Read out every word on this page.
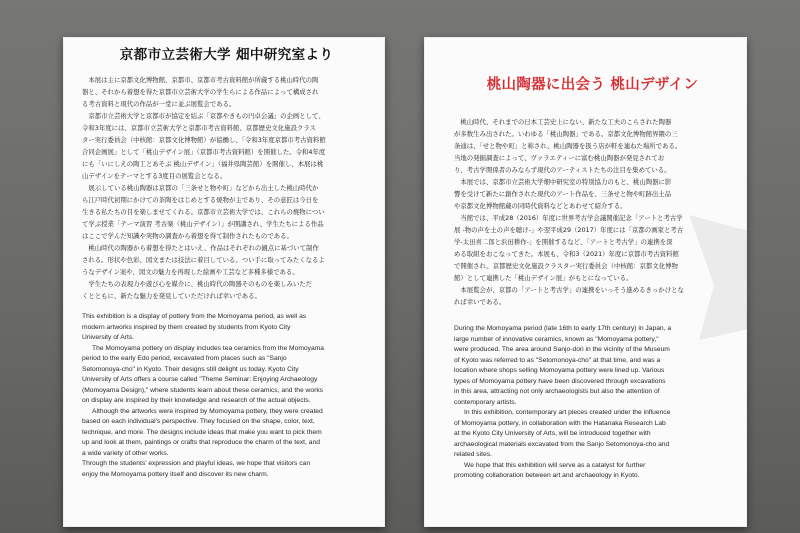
京都市立芸術大学 畑中研究室より

本展は主に京都文化博物館、京都市、京都市考古資料館が所蔵する桃山時代の陶
器と、それから着想を得た京都市立芸術大学の学生らによる作品によって構成され
る考古資料と現代の作品が一堂に並ぶ展覧会である。

京都市立芸術大学と京都市が協定を結ぶ「京都やきもの円卓会議」の企画として、
令和3年度には、京都市立芸術大学と京都市考古資料館、京都歴史文化施設クラス
ター実行委員会（中核館：京都文化博物館）が協働し、「令和3年度京都市考古資料館
合同企画展」として「桃山デザイン展」（京都市考古資料館）を開催した。令和4年度
にも「いにしえの陶工とあそぶ 桃山デザイン」（福井県陶芸館）を開催し、本展は桃
山デザインをテーマとする3度目の展覧会となる。

展示している桃山陶器は京都の「三条せと物や町」などから出土した桃山時代か
ら江戸時代初期にかけての茶陶をはじめとする焼物が主であり、その意匠は今日を
生きる私たちの目を楽しませてくれる。京都市立芸術大学では、これらの焼物につい
て学ぶ授業「テーマ演習 考古楽（桃山デザイン）」が開講され、学生たちによる作品
はここで学んだ知識や実物の調査から着想を得て制作されたものである。

桃山時代の陶器から着想を得たとはいえ、作品はそれぞれの観点に基づいて制作
される。形状や色彩、図文または技法に着目している。つい手に取ってみたくなるよ
うなデザイン案や、図文の魅力を再現した絵画や工芸など多種多様である。

学生たちの表現力や遊び心を媒介に、桃山時代の陶器そのものを楽しみいただ
くとともに、新たな魅力を発見していただければ幸いである。

This exhibition is a display of pottery from the Momoyama period, as well as
modern artworks inspired by them created by students from Kyoto City
University of Arts.

The Momoyama pottery on display includes tea ceramics from the Momoyama
period to the early Edo period, excavated from places such as "Sanjo
Setomonoya-cho" in Kyoto. Their designs still delight us today. Kyoto City
University of Arts offers a course called "Theme Seminar: Enjoying Archaeology
(Momoyama Design)," where students learn about these ceramics, and the works
on display are inspired by their knowledge and research of the actual objects.

Although the artworks were inspired by Momoyama pottery, they were created
based on each individual's perspective. They focused on the shape, color, text,
technique, and more. The designs include ideas that make you want to pick them
up and look at them, paintings or crafts that reproduce the charm of the text, and
a wide variety of other works.

Through the students' expression and playful ideas, we hope that visitors can
enjoy the Momoyama pottery itself and discover its new charm.

桃山陶器に出会う 桃山デザイン

桃山時代、それまでの日本工芸史上にない、新たな工夫のこらされた陶器
が多数生み出された。いわゆる「桃山陶器」である。京都文化博物館界隈の三
条通は、「せと物や町」と称され、桃山陶器を扱う店が軒を連ねた場所である。
当地の発掘調査によって、ヴァラエティーに富む桃山陶器が発見されてお
り、考古学関係者のみならず現代のアーティストたちの注目を集めている。

本展では、京都市立芸術大学畑中研究室の特別協力のもと、桃山陶器に影
響を受けて新たに創作された現代のアート作品を、三条せと物や町跡出土品
や京都文化博物館蔵の同時代資料などとあわせて紹介する。

当館では、平成28（2016）年度に世界考古学会議関催記念「アートと考古学
展 -物の声を土の声を聴け-」や翌平成29（2017）年度には「京都の画家と考古
学-太田喜二郎と浜田耕作-」を開催するなど、「アートと考古学」の連携を深
める取組をおこなってきた。本展も、令和3（2021）年度に京都市考古資料館
で開催され、京都歴史文化施設クラスター実行委員会（中核館：京都文化博物
館）として連携した「桃山デザイン展」がもとになっている。

本展覧会が、京都の「アートと考古学」の連携をいっそう進めるきっかけとな
れば幸いである。

During the Momoyama period (late 16th to early 17th century) in Japan, a
large number of innovative ceramics, known as "Momoyama pottery,"
were produced. The area around Sanjo-dori in the vicinity of the Museum
of Kyoto was referred to as "Setomonoya-cho" at that time, and was a
location where shops selling Momoyama pottery were lined up. Various
types of Momoyama pottery have been discovered through excavations
in this area, attracting not only archaeologists but also the attention of
contemporary artists.

In this exhibition, contemporary art pieces created under the influence
of Momoyama pottery, in collaboration with the Hatanaka Research Lab
at the Kyoto City University of Arts, will be introduced together with
archaeological materials excavated from the Sanjo Setomonoya-cho and
related sites.

We hope that this exhibition will serve as a catalyst for further
promoting collaboration between art and archaeology in Kyoto.
